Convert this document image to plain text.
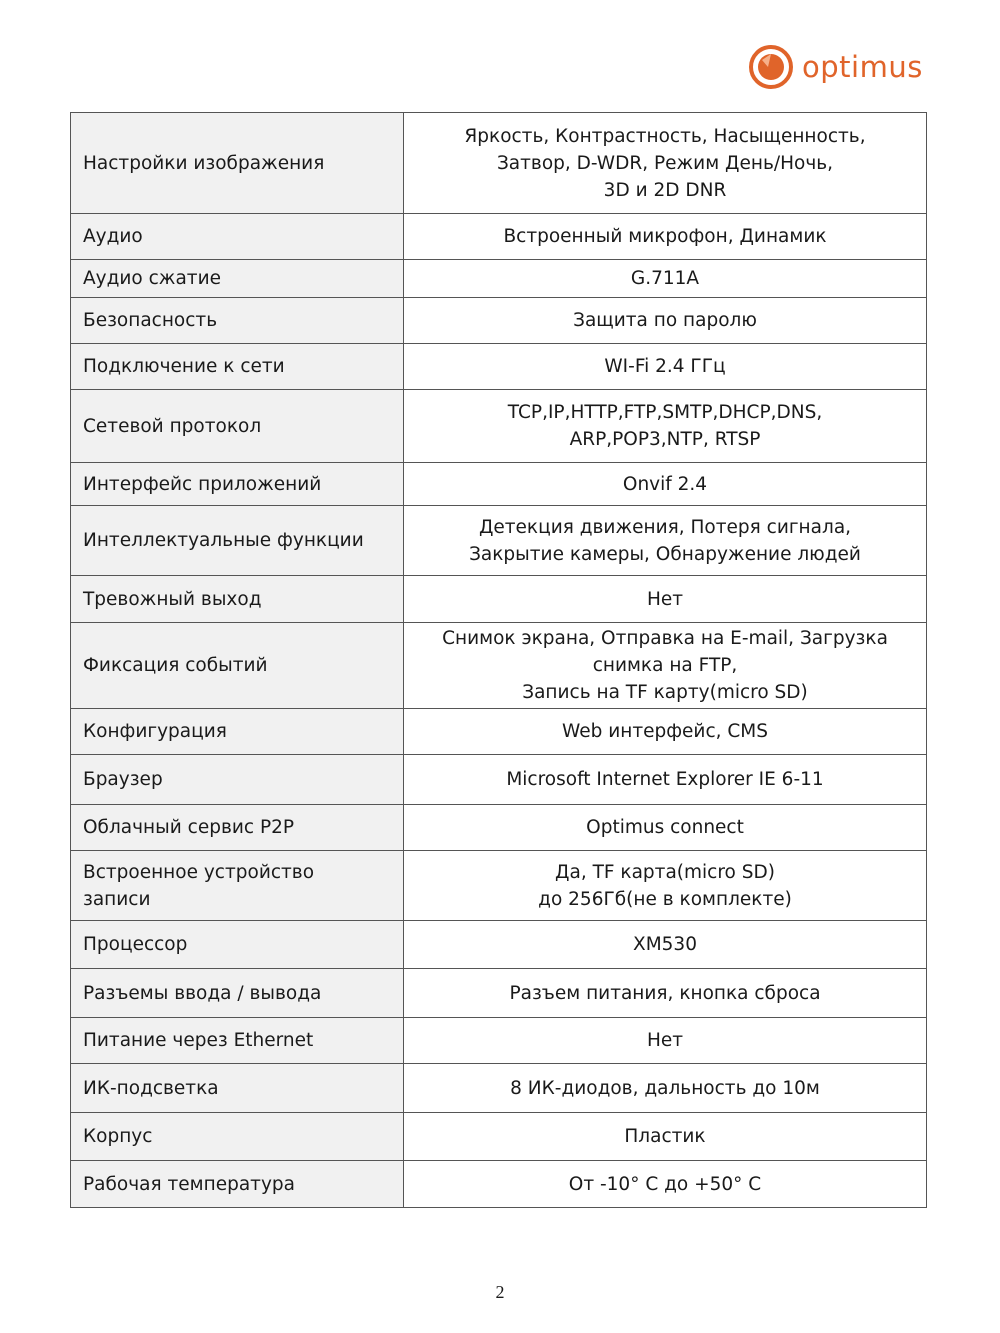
optimus
Настройки изображения	Яркость, Контрастность, Насыщенность,
Затвор, D-WDR, Режим День/Ночь,
3D и 2D DNR
Аудио	Встроенный микрофон, Динамик
Аудио сжатие	G.711A
Безопасность	Защита по паролю
Подключение к сети	WI-Fi 2.4 ГГц
Сетевой протокол	TCP,IP,HTTP,FTP,SMTP,DHCP,DNS,
ARP,POP3,NTP, RTSP
Интерфейс приложений	Onvif 2.4
Интеллектуальные функции	Детекция движения, Потеря сигнала,
Закрытие камеры, Обнаружение людей
Тревожный выход	Нет
Фиксация событий	Снимок экрана, Отправка на E-mail, Загрузка
снимка на FTP,
Запись на TF карту(micro SD)
Конфигурация	Web интерфейс, CMS
Браузер	Microsoft Internet Explorer IE 6-11
Облачный сервис P2P	Optimus connect
Встроенное устройство
записи	Да, TF карта(micro SD)
до 256Гб(не в комплекте)
Процессор	XM530
Разъемы ввода / вывода	Разъем питания, кнопка сброса
Питание через Ethernet	Нет
ИК-подсветка	8 ИК-диодов, дальность до 10м
Корпус	Пластик
Рабочая температура	От -10° С до +50° С
2
